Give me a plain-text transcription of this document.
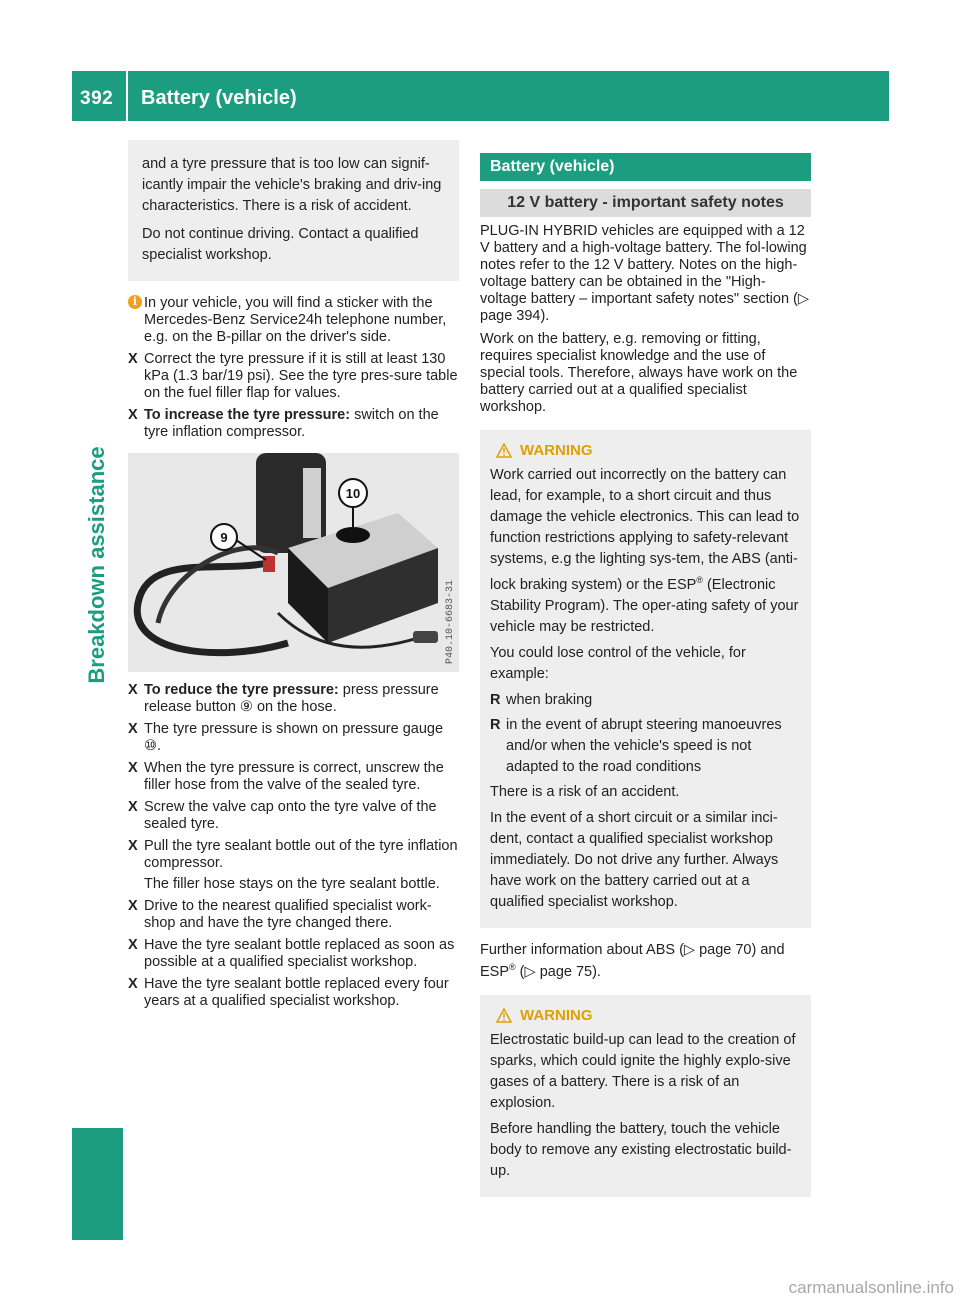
392 Battery (vehicle)
Breakdown assistance

and a tyre pressure that is too low can signif-icantly impair the vehicle's braking and driv-ing characteristics. There is a risk of accident.

Do not continue driving. Contact a qualified specialist workshop.

i In your vehicle, you will find a sticker with the Mercedes-Benz Service24h telephone number, e.g. on the B-pillar on the driver's side.
X Correct the tyre pressure if it is still at least 130 kPa (1.3 bar/19 psi). See the tyre pres-sure table on the fuel filler flap for values.
X To increase the tyre pressure: switch on the tyre inflation compressor.
10
9
P40.10-6683-31
X To reduce the tyre pressure: press pressure release button ⑨ on the hose.
X The tyre pressure is shown on pressure gauge ⑩.
X When the tyre pressure is correct, unscrew the filler hose from the valve of the sealed tyre.
X Screw the valve cap onto the tyre valve of the sealed tyre.
X Pull the tyre sealant bottle out of the tyre inflation compressor.
The filler hose stays on the tyre sealant bottle.
X Drive to the nearest qualified specialist work-shop and have the tyre changed there.
X Have the tyre sealant bottle replaced as soon as possible at a qualified specialist workshop.
X Have the tyre sealant bottle replaced every four years at a qualified specialist workshop.
Battery (vehicle)
12 V battery - important safety notes

PLUG-IN HYBRID vehicles are equipped with a 12 V battery and a high-voltage battery. The fol-lowing notes refer to the 12 V battery. Notes on the high-voltage battery can be obtained in the "High-voltage battery – important safety notes" section (▷ page 394).

Work on the battery, e.g. removing or fitting, requires specialist knowledge and the use of special tools. Therefore, always have work on the battery carried out at a qualified specialist workshop.

WARNING

Work carried out incorrectly on the battery can lead, for example, to a short circuit and thus damage the vehicle electronics. This can lead to function restrictions applying to safety-relevant systems, e.g the lighting sys-tem, the ABS (anti-lock braking system) or the ESP® (Electronic Stability Program). The oper-ating safety of your vehicle may be restricted.

You could lose control of the vehicle, for example:

R when braking
R in the event of abrupt steering manoeuvres and/or when the vehicle's speed is not adapted to the road conditions

There is a risk of an accident.

In the event of a short circuit or a similar inci-dent, contact a qualified specialist workshop immediately. Do not drive any further. Always have work on the battery carried out at a qualified specialist workshop.

Further information about ABS (▷ page 70) and ESP® (▷ page 75).

WARNING

Electrostatic build-up can lead to the creation of sparks, which could ignite the highly explo-sive gases of a battery. There is a risk of an explosion.

Before handling the battery, touch the vehicle body to remove any existing electrostatic build-up.

carmanualsonline.info
